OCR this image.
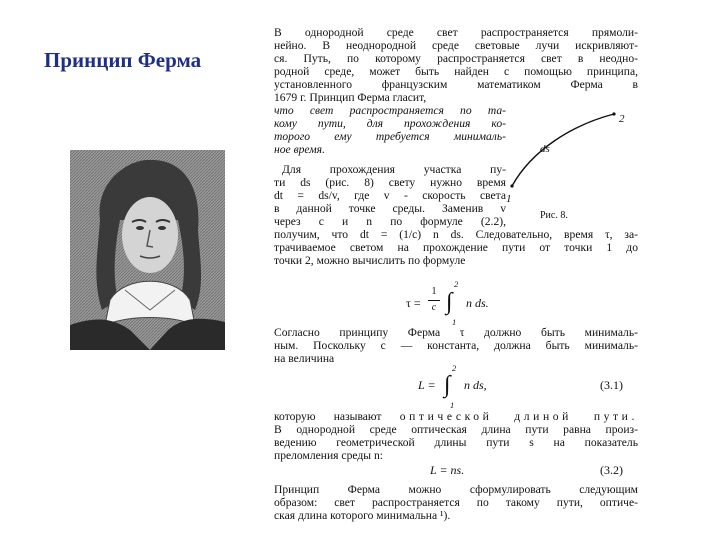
Принцип Ферма
В однородной среде свет распространяется прямоли-
нейно. В неоднородной среде световые лучи искривляют-
ся. Путь, по которому распространяется свет в неодно-
родной среде, может быть найден с помощью принципа,
установленного французским математиком Ферма в
1679 г. Принцип Ферма гласит,
что свет распространяется по та-
кому пути, для прохождения ко-
торого ему требуется минималь-
ное время.
Для прохождения участка пу-
ти ds (рис. 8) свету нужно время
dt = ds/v, где v - скорость света
в данной точке среды. Заменив v
через c и n по формуле (2.2),
получим, что dt = (1/c) n ds. Следовательно, время τ, за-
трачиваемое светом на прохождение пути от точки 1 до
точки 2, можно вычислить по формуле
1
2
ds
Рис. 8.
τ =
1
c
2
∫
1
n ds.
Согласно принципу Ферма τ должно быть минималь-
ным. Поскольку c — константа, должна быть минималь-
на величина
L =
2
∫
1
n ds,	(3.1)
которую называют оптической длиной пути.
В однородной среде оптическая длина пути равна произ-
ведению геометрической длины пути s на показатель
преломления среды n:
L = ns.	(3.2)
Принцип Ферма можно сформулировать следующим
образом: свет распространяется по такому пути, оптиче-
ская длина которого минимальна ¹).
